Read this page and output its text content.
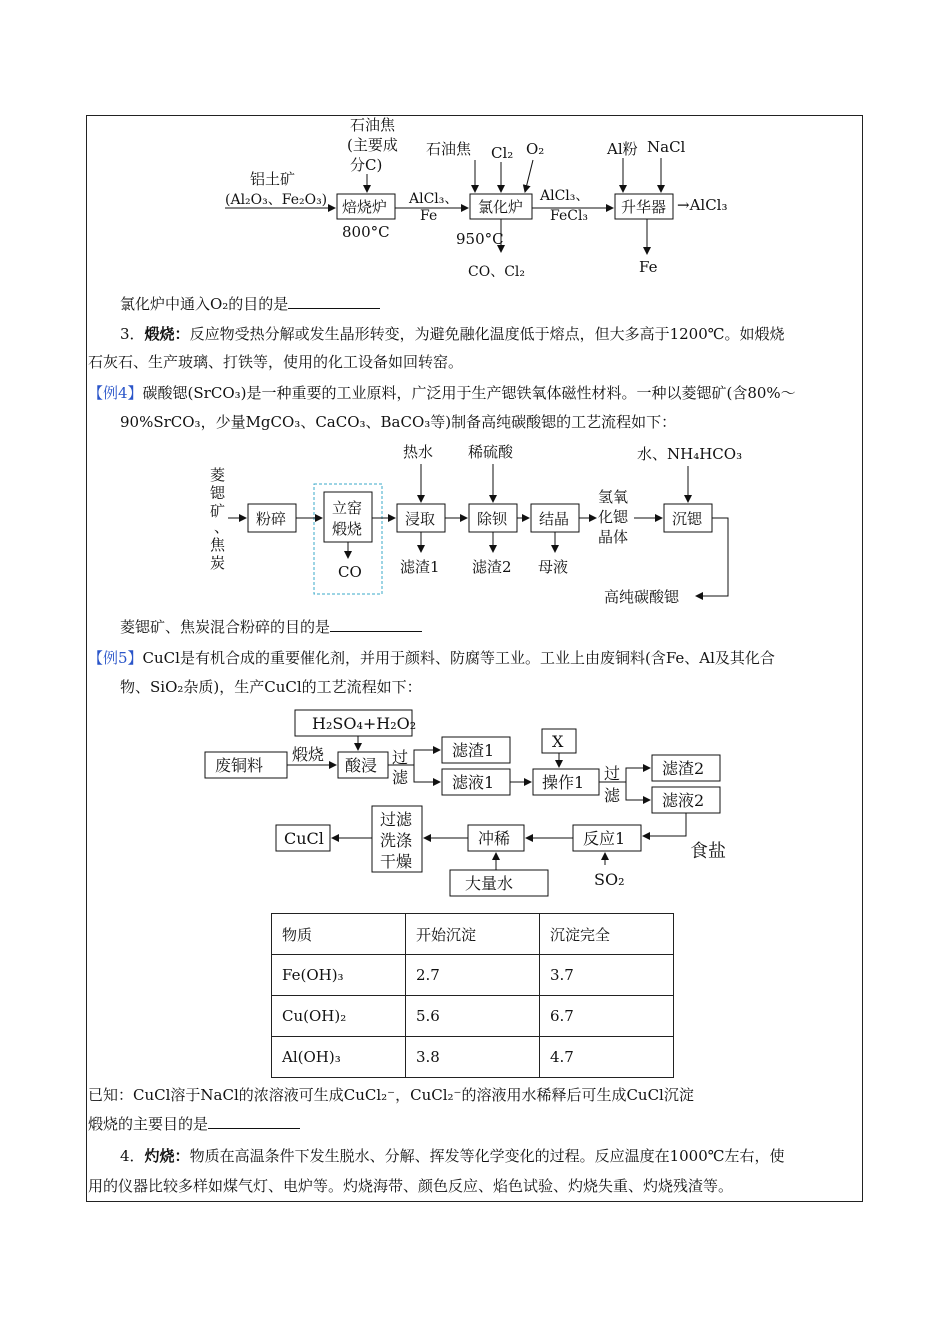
石油焦
(主要成
分C)
铝土矿
(Al₂O₃、Fe₂O₃)
800°C
AlCl₃、
Fe
石油焦 Cl₂ O₂
950°C
CO、Cl₂
AlCl₃、
FeCl₃
Al粉 NaCl
→AlCl₃
Fe
焙烧炉	氯化炉	升华器
氯化炉中通入O₂的目的是
3．煅烧：反应物受热分解或发生晶形转变，为避免融化温度低于熔点，但大多高于1200℃。如煅烧
石灰石、生产玻璃、打铁等，使用的化工设备如回转窑。
【例4】碳酸锶(SrCO₃)是一种重要的工业原料，广泛用于生产锶铁氧体磁性材料。一种以菱锶矿(含80%～
90%SrCO₃，少量MgCO₃、CaCO₃、BaCO₃等)制备高纯碳酸锶的工艺流程如下：
菱
锶
矿
、
焦
炭
热水 稀硫酸	水、NH₄HCO₃
CO	滤渣1 滤渣2 母液
氢氧
化锶
晶体
高纯碳酸锶
粉碎
立窑
煅烧
浸取	除钡 结晶	沉锶
菱锶矿、焦炭混合粉碎的目的是
【例5】CuCl是有机合成的重要催化剂，并用于颜料、防腐等工业。工业上由废铜料(含Fe、Al及其化合
物、SiO₂杂质)，生产CuCl的工艺流程如下：
H₂SO₄+H₂O₂
废铜料
煅烧
酸浸 过
滤
滤渣1
滤液1
X
操作1 过
滤
滤渣2
滤液2
反应1
食盐
SO₂
冲稀
大量水
过滤
洗涤
干燥
CuCl
物质	开始沉淀	沉淀完全
Fe(OH)₃	2.7	3.7
Cu(OH)₂	5.6	6.7
Al(OH)₃	3.8	4.7
已知：CuCl溶于NaCl的浓溶液可生成CuCl₂⁻，CuCl₂⁻的溶液用水稀释后可生成CuCl沉淀
煅烧的主要目的是
4．灼烧：物质在高温条件下发生脱水、分解、挥发等化学变化的过程。反应温度在1000℃左右，使
用的仪器比较多样如煤气灯、电炉等。灼烧海带、颜色反应、焰色试验、灼烧失重、灼烧残渣等。
